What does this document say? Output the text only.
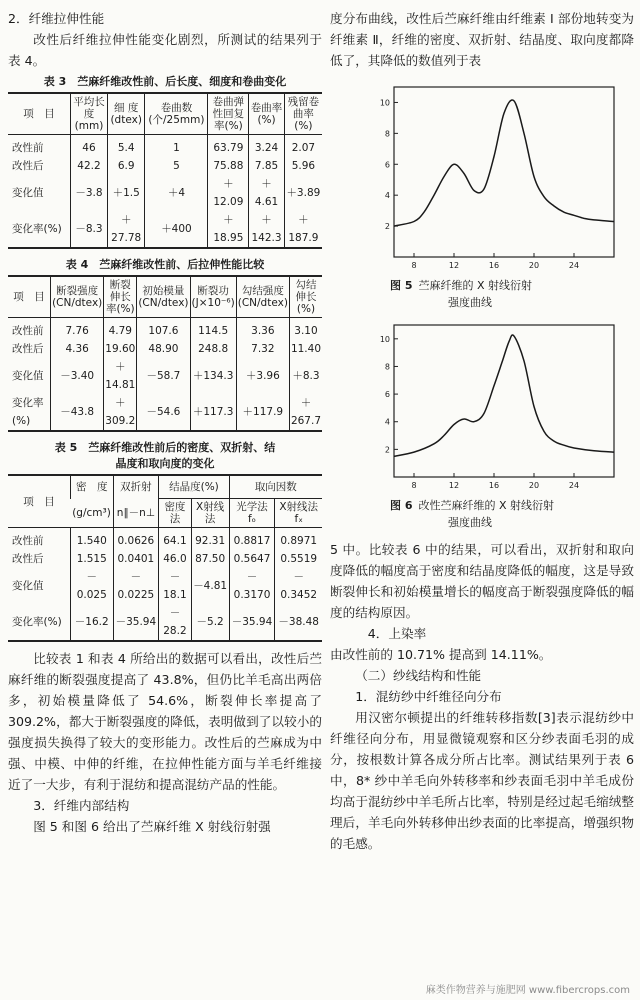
2．纤维拉伸性能

改性后纤维拉伸性能变化剧烈，所测试的结果列于表 4。

表 3　苎麻纤维改性前、后长度、细度和卷曲变化
项　目	平均长度(mm)	细 度(dtex)	卷曲数(个/25mm)	卷曲弹性回复率(%)	卷曲率(%)	残留卷曲率(%)
改性前	46	5.4	1	63.79	3.24	2.07
改性后	42.2	6.9	5	75.88	7.85	5.96
变化值	－3.8	＋1.5	＋4	＋12.09	＋4.61	＋3.89
变化率(%)	－8.3	＋27.78	＋400	＋18.95	＋142.3	＋187.9
表 4　苎麻纤维改性前、后拉伸性能比较
项　目	断裂强度(CN/dtex)	断裂伸长率(%)	初始模量(CN/dtex)	断裂功(J×10⁻⁶)	勾结强度(CN/dtex)	勾结伸长(%)
改性前	7.76	4.79	107.6	114.5	3.36	3.10
改性后	4.36	19.60	48.90	248.8	7.32	11.40
变化值	－3.40	＋14.81	－58.7	＋134.3	＋3.96	＋8.3
变化率(%)	－43.8	＋309.2	－54.6	＋117.3	＋117.9	＋267.7
表 5　苎麻纤维改性前后的密度、双折射、结
晶度和取向度的变化
项　目	密　度	双折射	结晶度(%)		取向因数	
	(g/cm³)	n∥－n⊥	密度法	X射线法	光学法 fₒ	X射线法 fₓ
改性前	1.540	0.0626	64.1	92.31	0.8817	0.8971
改性后	1.515	0.0401	46.0	87.50	0.5647	0.5519
变化值	－0.025	－0.0225	－18.1	－4.81	－0.3170	－0.3452
变化率(%)	－16.2	－35.94	－28.2	－5.2	－35.94	－38.48

比较表 1 和表 4 所给出的数据可以看出，改性后苎麻纤维的断裂强度提高了 43.8%，但仍比羊毛高出两倍多，初始模量降低了 54.6%，断裂伸长率提高了 309.2%，都大于断裂强度的降低，表明做到了以较小的强度损失换得了较大的变形能力。改性后的苎麻成为中强、中模、中伸的纤维，在拉伸性能方面与羊毛纤维接近了一大步，有利于混纺和提高混纺产品的性能。

3．纤维内部结构

图 5 和图 6 给出了苎麻纤维 X 射线衍射强

度分布曲线，改性后苎麻纤维由纤维素 Ⅰ 部份地转变为纤维素 Ⅱ，纤维的密度、双折射、结晶度、取向度都降低了，其降低的数值列于表

10
8
6
4
2
8	12	16	20	24
图 5 苎麻纤维的 X 射线衍射
强度曲线
10
8
6
4
2
8	12	16	20	24
图 6 改性苎麻纤维的 X 射线衍射
强度曲线

5 中。比较表 6 中的结果，可以看出，双折射和取向度降低的幅度高于密度和结晶度降低的幅度，这是导致断裂伸长和初始模量增长的幅度高于断裂强度降低的幅度的结构原因。

4．上染率

由改性前的 10.71% 提高到 14.11%。

（二）纱线结构和性能

1．混纺纱中纤维径向分布

用汉密尔顿提出的纤维转移指数[3]表示混纺纱中纤维径向分布，用显微镜观察和区分纱表面毛羽的成分，按根数计算各成分所占比率。测试结果列于表 6 中，8* 纱中羊毛向外转移率和纱表面毛羽中羊毛成份均高于混纺纱中羊毛所占比率，特别是经过起毛缩绒整理后，羊毛向外转移伸出纱表面的比率提高，增强织物的毛感。

麻类作物营养与施肥网 www.fibercrops.com
